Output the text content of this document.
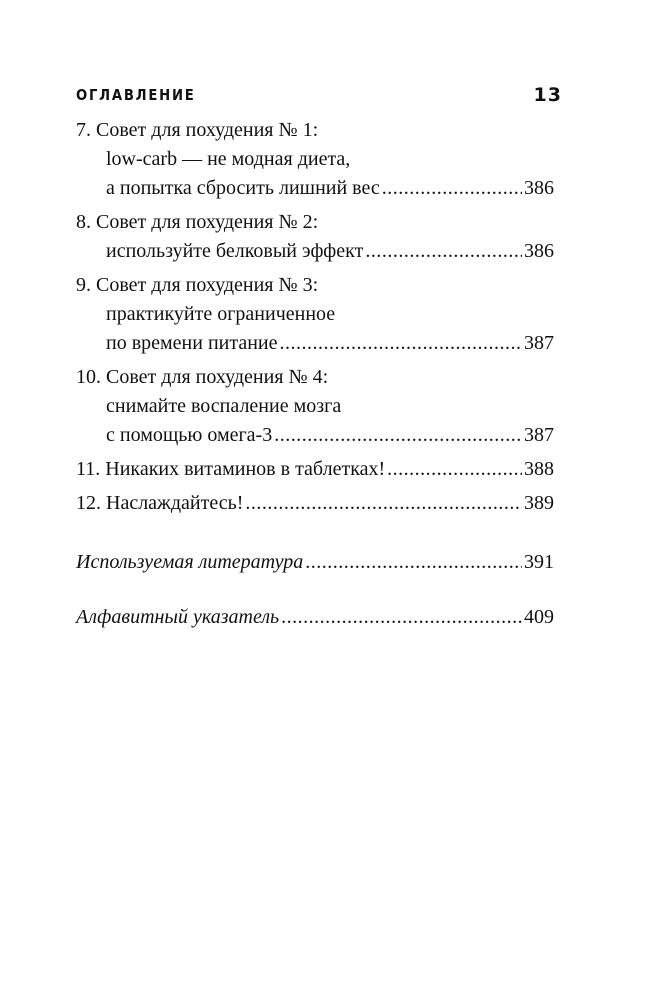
ОГЛАВЛЕНИЕ	13
7. Совет для похудения № 1:
low-carb — не модная диета,
а попытка сбросить лишний вес .....	386
8. Совет для похудения № 2:
используйте белковый эффект .....	386
9. Совет для похудения № 3:
практикуйте ограниченное
по времени питание .....	387
10. Совет для похудения № 4:
снимайте воспаление мозга
с помощью омега-3 .....	387
11. Никаких витаминов в таблетках! .....	388
12. Наслаждайтесь! .....	389
Используемая литература .....	391
Алфавитный указатель .....	409
